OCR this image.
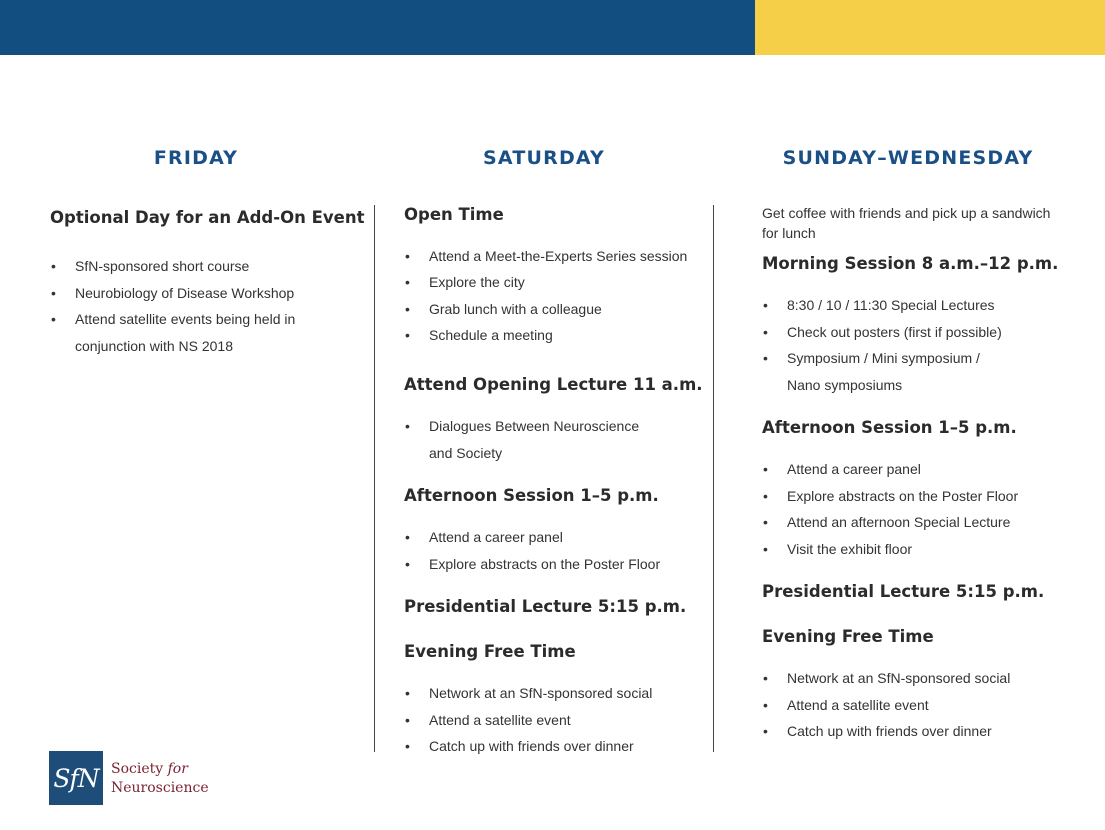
FRIDAY	SATURDAY	SUNDAY–WEDNESDAY
Optional Day for an Add-On Event
• SfN-sponsored short course
• Neurobiology of Disease Workshop
• Attend satellite events being held in
conjunction with NS 2018
Open Time
• Attend a Meet-the-Experts Series session
• Explore the city
• Grab lunch with a colleague
• Schedule a meeting
Attend Opening Lecture 11 a.m.
• Dialogues Between Neuroscience
and Society
Afternoon Session 1–5 p.m.
• Attend a career panel
• Explore abstracts on the Poster Floor
Presidential Lecture 5:15 p.m.
Evening Free Time
• Network at an SfN-sponsored social
• Attend a satellite event
• Catch up with friends over dinner

Get coffee with friends and pick up a sandwich for lunch

Morning Session 8 a.m.–12 p.m.
• 8:30 / 10 / 11:30 Special Lectures
• Check out posters (first if possible)
• Symposium / Mini symposium /
Nano symposiums
Afternoon Session 1–5 p.m.
• Attend a career panel
• Explore abstracts on the Poster Floor
• Attend an afternoon Special Lecture
• Visit the exhibit floor
Presidential Lecture 5:15 p.m.
Evening Free Time
• Network at an SfN-sponsored social
• Attend a satellite event
• Catch up with friends over dinner
SfN Society for
Neuroscience
